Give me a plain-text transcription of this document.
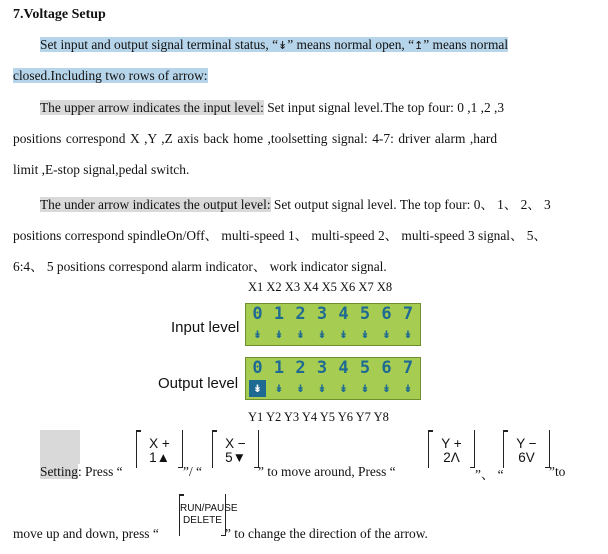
7.Voltage Setup
Set input and output signal terminal status, “↡” means normal open, “↥” means normal
closed.Including two rows of arrow:
The upper arrow indicates the input level: Set input signal level.The top four: 0 ,1 ,2 ,3
positions correspond X ,Y ,Z axis back home ,toolsetting signal: 4-7: driver alarm ,hard
limit ,E-stop signal,pedal switch.
The under arrow indicates the output level: Set output signal level. The top four: 0、 1、 2、 3
positions correspond spindleOn/Off、 multi-speed 1、 multi-speed 2、 multi-speed 3 signal、 5、
6:4、 5 positions correspond alarm indicator、 work indicator signal.
X1 X2 X3 X4 X5 X6 X7 X8
Input level
0 1 2 3 4 5 6 7
↡ ↡ ↡ ↡ ↡ ↡ ↡ ↡
Output level
0 1 2 3 4 5 6 7
↡ ↡ ↡ ↡ ↡ ↡ ↡ ↡
Y1 Y2 Y3 Y4 Y5 Y6 Y7 Y8
Setting: Press “
X +
1▲
”/ “
X −
5▼
” to move around, Press “
Y +
2Λ
”、 “
Y −
6V
”to
move up and down, press “
RUN/PAUSE
DELETE
” to change the direction of the arrow.
